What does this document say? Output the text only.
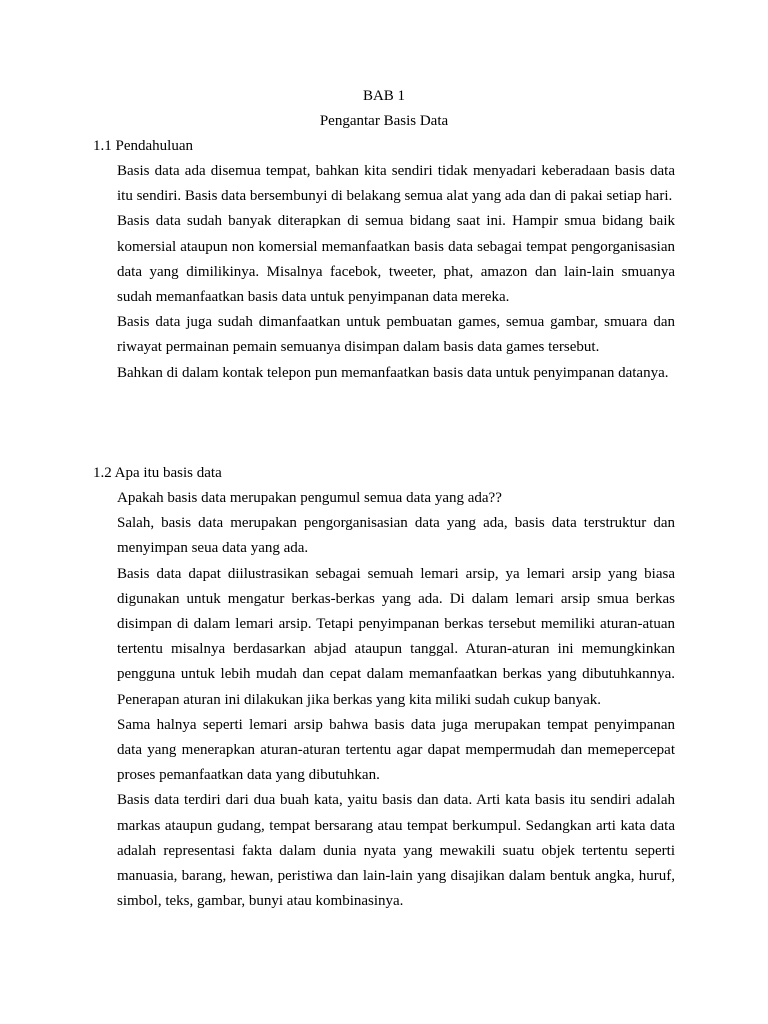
BAB 1

Pengantar Basis Data

1.1 Pendahuluan

Basis data ada disemua tempat, bahkan kita sendiri tidak menyadari keberadaan basis data itu sendiri. Basis data bersembunyi di belakang semua alat yang ada dan di pakai setiap hari.

Basis data sudah banyak diterapkan di semua bidang saat ini. Hampir smua bidang baik komersial ataupun non komersial memanfaatkan basis data sebagai tempat pengorganisasian data yang dimilikinya. Misalnya facebok, tweeter, phat, amazon dan lain-lain smuanya sudah memanfaatkan basis data untuk penyimpanan data mereka.

Basis data juga sudah dimanfaatkan untuk pembuatan games, semua gambar, smuara dan riwayat permainan pemain semuanya disimpan dalam basis data games tersebut.

Bahkan di dalam kontak telepon pun memanfaatkan basis data untuk penyimpanan datanya.

1.2 Apa itu basis data

Apakah basis data merupakan pengumul semua data yang ada??

Salah, basis data merupakan pengorganisasian data yang ada, basis data terstruktur dan menyimpan seua data yang ada.

Basis data dapat diilustrasikan sebagai semuah lemari arsip, ya lemari arsip yang biasa digunakan untuk mengatur berkas-berkas yang ada. Di dalam lemari arsip smua berkas disimpan di dalam lemari arsip. Tetapi penyimpanan berkas tersebut memiliki aturan-atuan tertentu misalnya berdasarkan abjad ataupun tanggal. Aturan-aturan ini memungkinkan pengguna untuk lebih mudah dan cepat dalam memanfaatkan berkas yang dibutuhkannya. Penerapan aturan ini dilakukan jika berkas yang kita miliki sudah cukup banyak.

Sama halnya seperti lemari arsip bahwa basis data juga merupakan tempat penyimpanan data yang menerapkan aturan-aturan tertentu agar dapat mempermudah dan memepercepat proses pemanfaatkan data yang dibutuhkan.

Basis data terdiri dari dua buah kata, yaitu basis dan data. Arti kata basis itu sendiri adalah markas ataupun gudang, tempat bersarang atau tempat berkumpul. Sedangkan arti kata data adalah representasi fakta dalam dunia nyata yang mewakili suatu objek tertentu seperti manuasia, barang, hewan, peristiwa dan lain-lain yang disajikan dalam bentuk angka, huruf, simbol, teks, gambar, bunyi atau kombinasinya.
